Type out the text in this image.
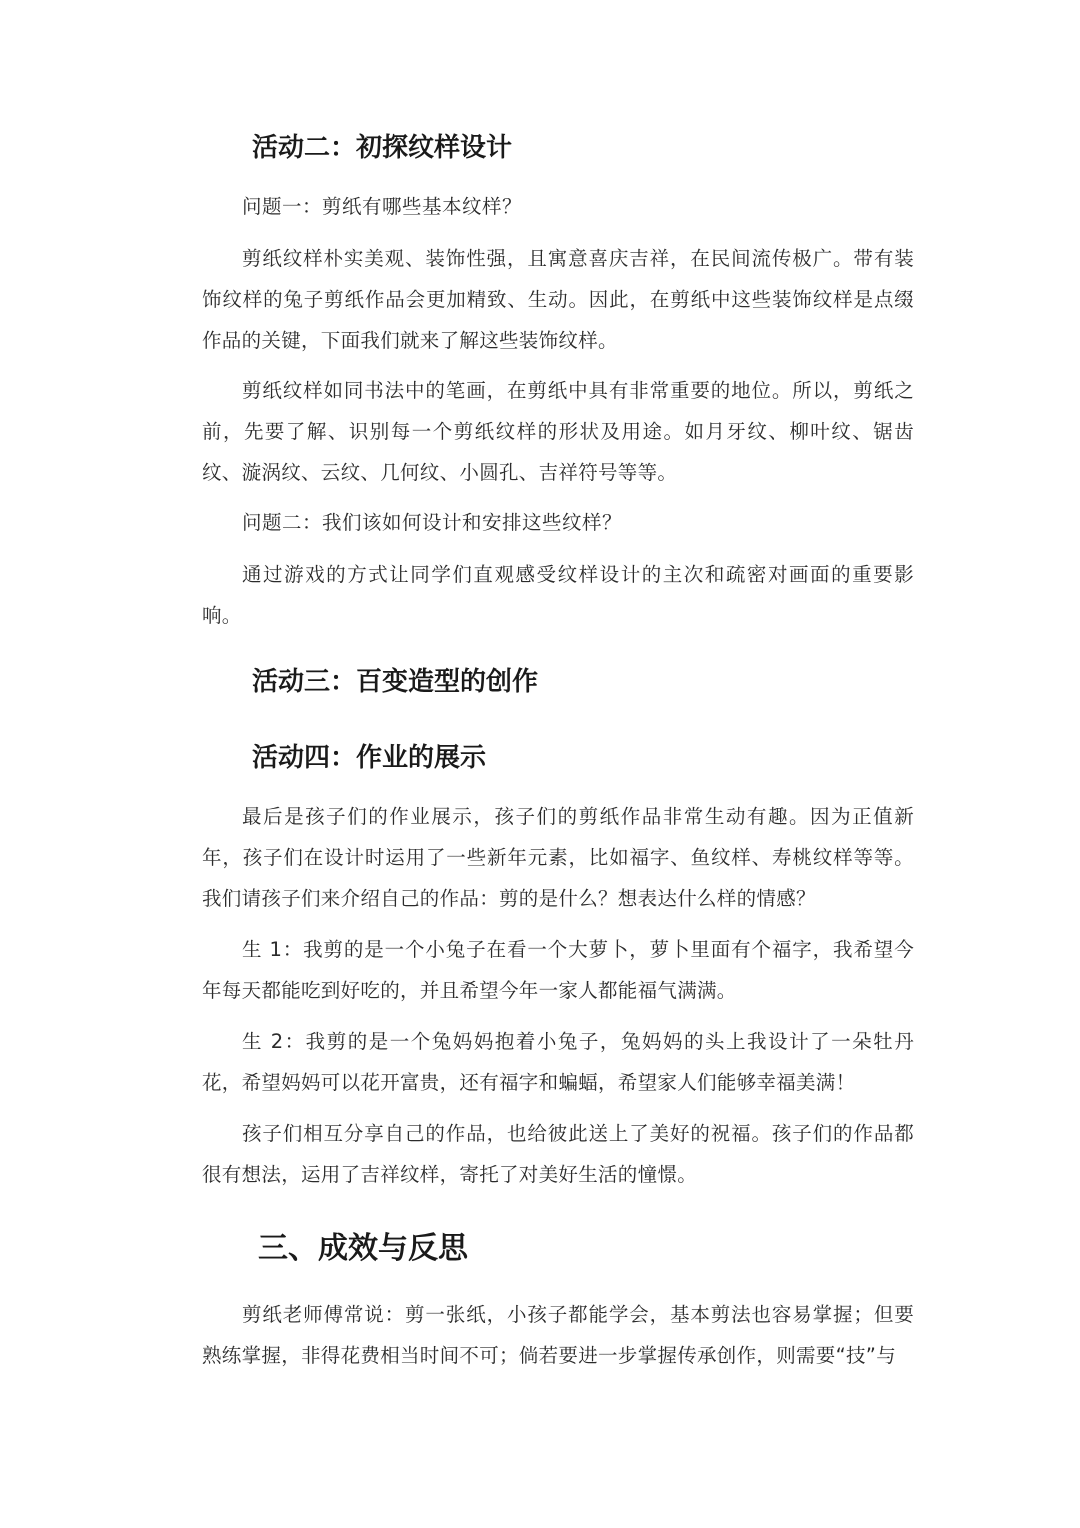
活动二：初探纹样设计

问题一：剪纸有哪些基本纹样？

剪纸纹样朴实美观、装饰性强，且寓意喜庆吉祥，在民间流传极广。带有装饰纹样的兔子剪纸作品会更加精致、生动。因此，在剪纸中这些装饰纹样是点缀作品的关键，下面我们就来了解这些装饰纹样。

剪纸纹样如同书法中的笔画，在剪纸中具有非常重要的地位。所以，剪纸之前，先要了解、识别每一个剪纸纹样的形状及用途。如月牙纹、柳叶纹、锯齿纹、漩涡纹、云纹、几何纹、小圆孔、吉祥符号等等。

问题二：我们该如何设计和安排这些纹样？

通过游戏的方式让同学们直观感受纹样设计的主次和疏密对画面的重要影响。

活动三：百变造型的创作
活动四：作业的展示

最后是孩子们的作业展示，孩子们的剪纸作品非常生动有趣。因为正值新年，孩子们在设计时运用了一些新年元素，比如福字、鱼纹样、寿桃纹样等等。我们请孩子们来介绍自己的作品：剪的是什么？想表达什么样的情感？

生 1：我剪的是一个小兔子在看一个大萝卜，萝卜里面有个福字，我希望今年每天都能吃到好吃的，并且希望今年一家人都能福气满满。

生 2：我剪的是一个兔妈妈抱着小兔子，兔妈妈的头上我设计了一朵牡丹花，希望妈妈可以花开富贵，还有福字和蝙蝠，希望家人们能够幸福美满！

孩子们相互分享自己的作品，也给彼此送上了美好的祝福。孩子们的作品都很有想法，运用了吉祥纹样，寄托了对美好生活的憧憬。

三、成效与反思

剪纸老师傅常说：剪一张纸，小孩子都能学会，基本剪法也容易掌握；但要熟练掌握，非得花费相当时间不可；倘若要进一步掌握传承创作，则需要“技”与
